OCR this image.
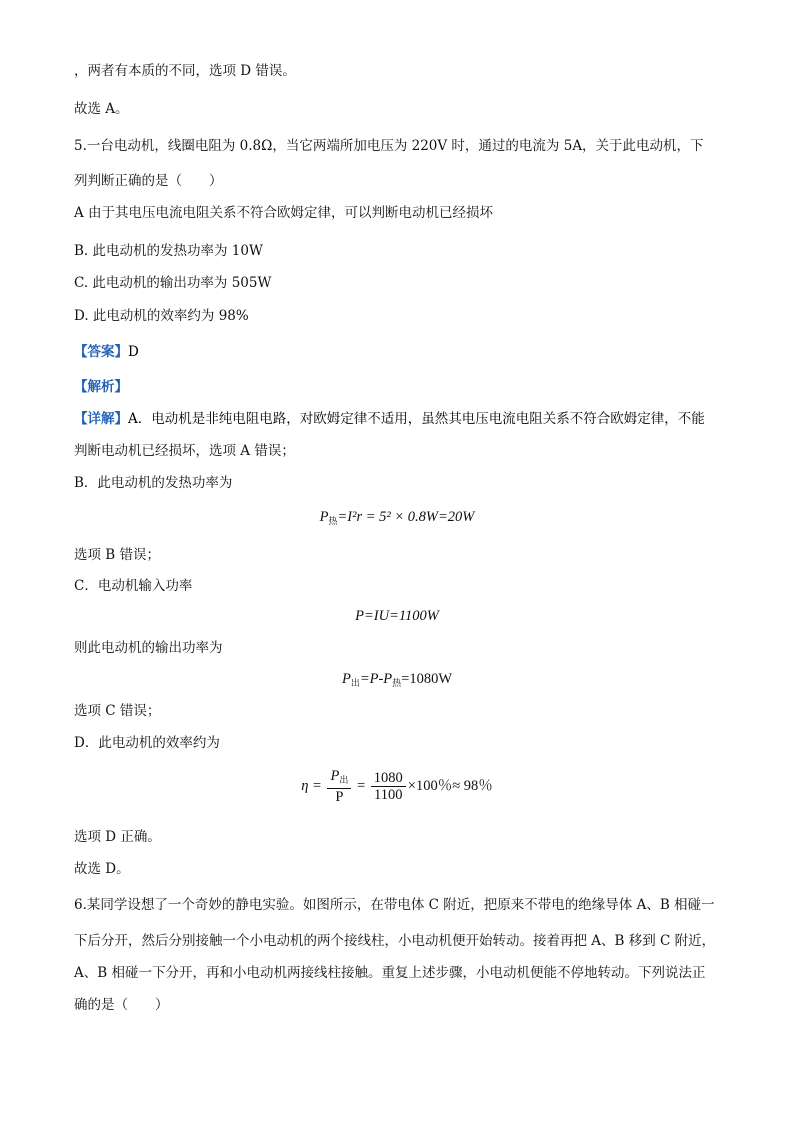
，两者有本质的不同，选项 D 错误。
故选 A。
5.一台电动机，线圈电阻为 0.8Ω，当它两端所加电压为 220V 时，通过的电流为 5A，关于此电动机，下
列判断正确的是（　　）
A 由于其电压电流电阻关系不符合欧姆定律，可以判断电动机已经损坏
B. 此电动机的发热功率为 10W
C. 此电动机的输出功率为 505W
D. 此电动机的效率约为 98%
【答案】D
【解析】
【详解】A．电动机是非纯电阻电路，对欧姆定律不适用，虽然其电压电流电阻关系不符合欧姆定律，不能
判断电动机已经损坏，选项 A 错误；
B．此电动机的发热功率为
$P_热=I^2r = 5^2 \times 0.8W=20W$
选项 B 错误；
C．电动机输入功率
P=IU=1100W
则此电动机的输出功率为
$P_出=P-P_热=1080W$
选项 C 错误；
D．此电动机的效率约为
$\eta = \frac{P_出}{P} = \frac{1080}{1100} \times 100$％≈ 98％
选项 D 正确。
故选 D。
6.某同学设想了一个奇妙的静电实验。如图所示，在带电体 C 附近，把原来不带电的绝缘导体 A、B 相碰一
下后分开，然后分别接触一个小电动机的两个接线柱，小电动机便开始转动。接着再把 A、B 移到 C 附近，
A、B 相碰一下分开，再和小电动机两接线柱接触。重复上述步骤，小电动机便能不停地转动。下列说法正
确的是（　　）
